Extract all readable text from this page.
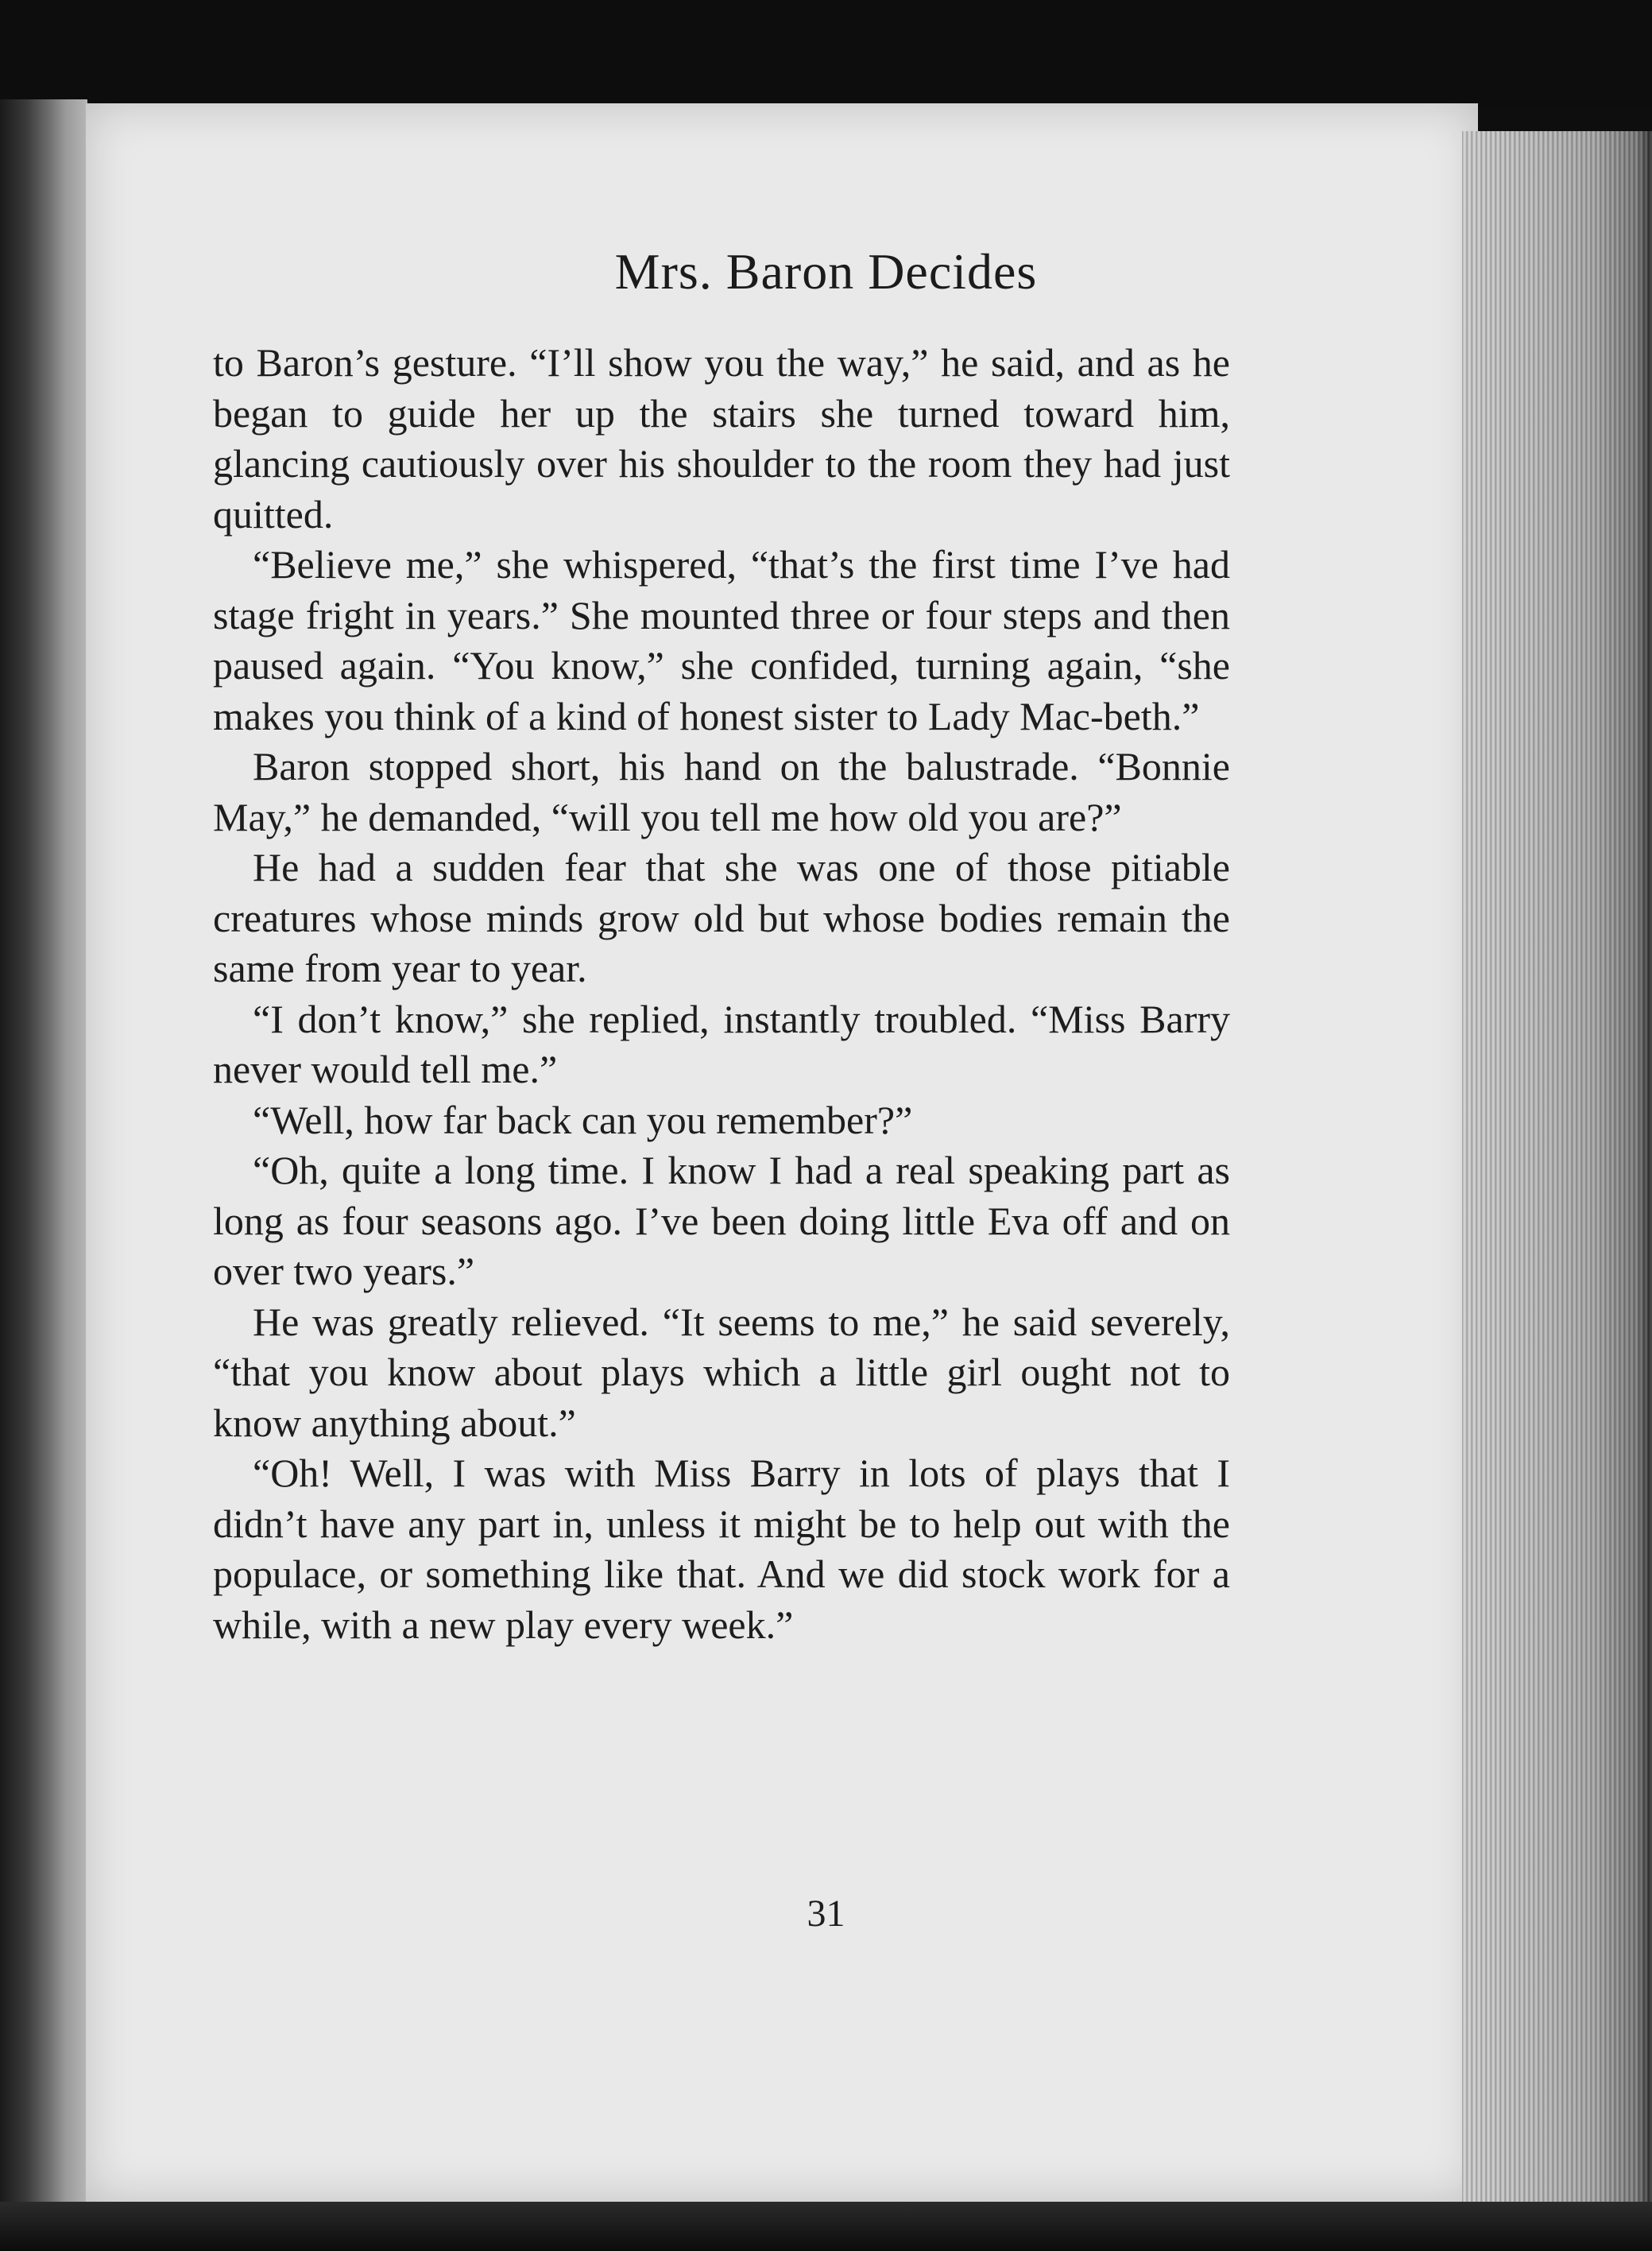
Mrs. Baron Decides

to Baron’s gesture. “I’ll show you the way,” he said, and as he began to guide her up the stairs she turned toward him, glancing cautiously over his shoulder to the room they had just quitted.

“Believe me,” she whispered, “that’s the first time I’ve had stage fright in years.” She mounted three or four steps and then paused again. “You know,” she confided, turning again, “she makes you think of a kind of honest sister to Lady Mac-beth.”

Baron stopped short, his hand on the balustrade. “Bonnie May,” he demanded, “will you tell me how old you are?”

He had a sudden fear that she was one of those pitiable creatures whose minds grow old but whose bodies remain the same from year to year.

“I don’t know,” she replied, instantly troubled. “Miss Barry never would tell me.”

“Well, how far back can you remember?”

“Oh, quite a long time. I know I had a real speaking part as long as four seasons ago. I’ve been doing little Eva off and on over two years.”

He was greatly relieved. “It seems to me,” he said severely, “that you know about plays which a little girl ought not to know anything about.”

“Oh! Well, I was with Miss Barry in lots of plays that I didn’t have any part in, unless it might be to help out with the populace, or something like that. And we did stock work for a while, with a new play every week.”

31
